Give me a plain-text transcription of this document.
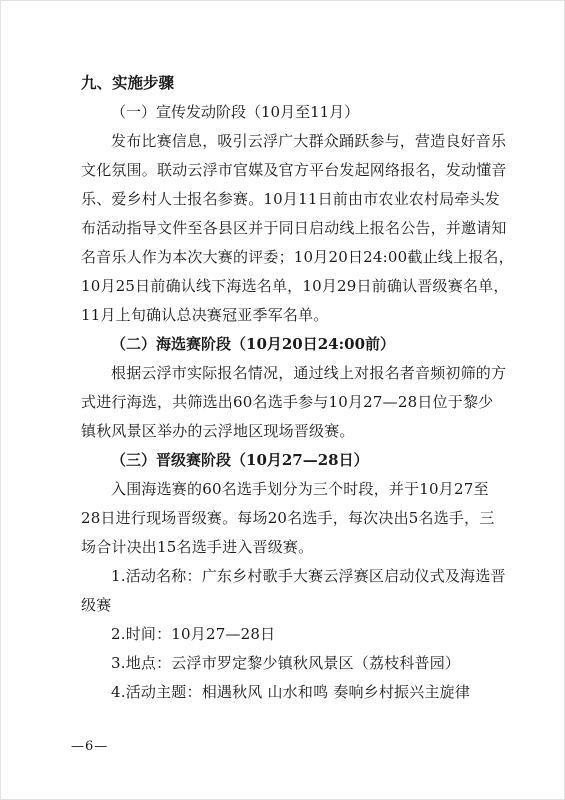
九、实施步骤
（一）宣传发动阶段（10月至11月）
发布比赛信息，吸引云浮广大群众踊跃参与，营造良好音乐
文化氛围。联动云浮市官媒及官方平台发起网络报名，发动懂音
乐、爱乡村人士报名参赛。10月11日前由市农业农村局牵头发
布活动指导文件至各县区并于同日启动线上报名公告，并邀请知
名音乐人作为本次大赛的评委；10月20日24:00截止线上报名，
10月25日前确认线下海选名单，10月29日前确认晋级赛名单，
11月上旬确认总决赛冠亚季军名单。
（二）海选赛阶段（10月20日24:00前）
根据云浮市实际报名情况，通过线上对报名者音频初筛的方
式进行海选，共筛选出60名选手参与10月27—28日位于黎少
镇秋风景区举办的云浮地区现场晋级赛。
（三）晋级赛阶段（10月27—28日）
入围海选赛的60名选手划分为三个时段，并于10月27至
28日进行现场晋级赛。每场20名选手，每次决出5名选手，三
场合计决出15名选手进入晋级赛。
1.活动名称：广东乡村歌手大赛云浮赛区启动仪式及海选晋
级赛
2.时间：10月27—28日
3.地点：云浮市罗定黎少镇秋风景区（荔枝科普园）
4.活动主题：相遇秋风 山水和鸣 奏响乡村振兴主旋律
—6—
